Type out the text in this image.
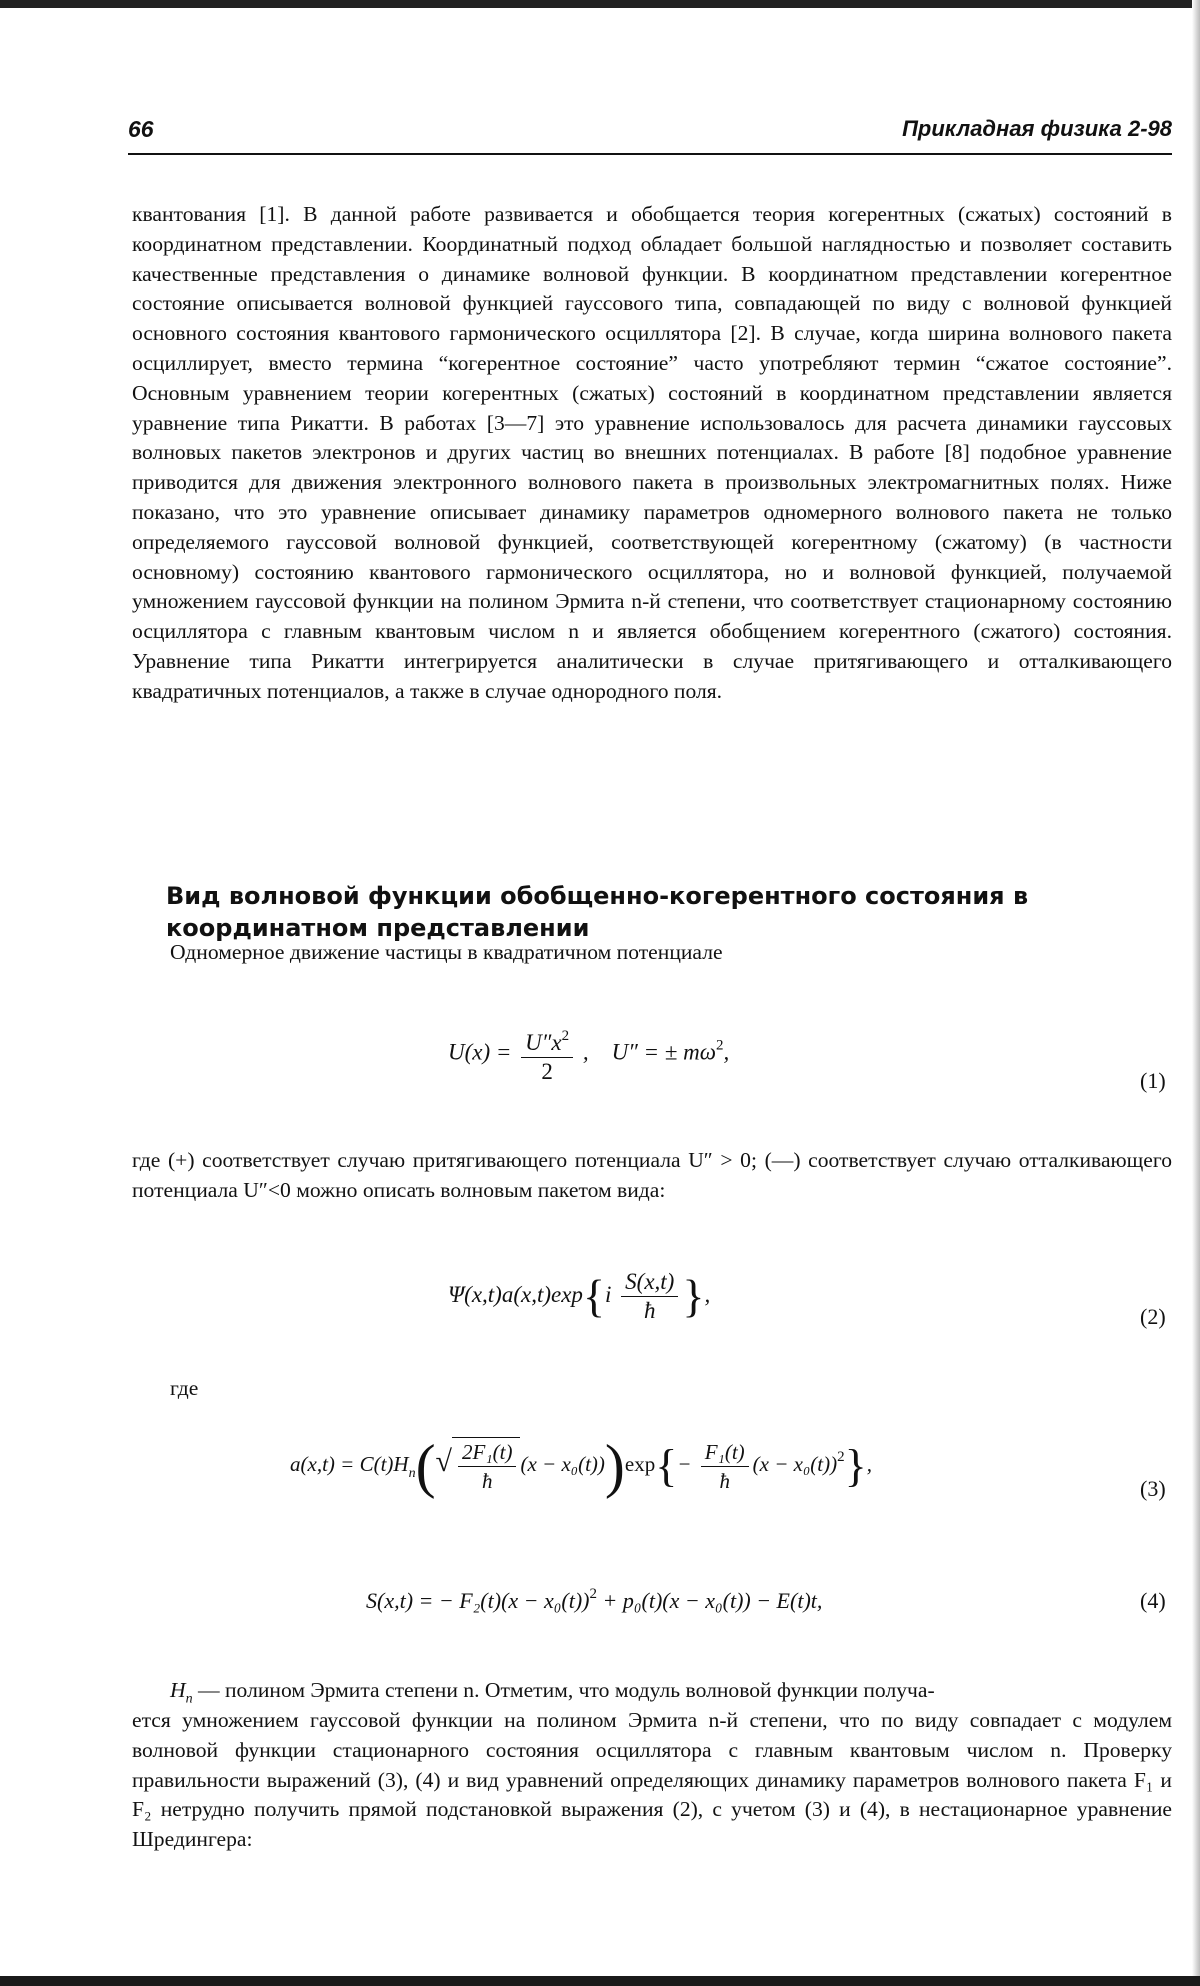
66	Прикладная физика 2-98

квантования [1]. В данной работе развивается и обобщается теория когерентных (сжатых) состояний в координатном представлении. Координатный подход обладает большой наглядностью и позволяет составить качественные представления о динамике волновой функции. В координатном представлении когерентное состояние описывается волновой функцией гауссового типа, совпадающей по виду с волновой функцией основного состояния квантового гармонического осциллятора [2]. В случае, когда ширина волнового пакета осциллирует, вместо термина “когерентное состояние” часто употребляют термин “сжатое состояние”. Основным уравнением теории когерентных (сжатых) состояний в координатном представлении является уравнение типа Рикатти. В работах [3—7] это уравнение использовалось для расчета динамики гауссовых волновых пакетов электронов и других частиц во внешних потенциалах. В работе [8] подобное уравнение приводится для движения электронного волнового пакета в произвольных электромагнитных полях. Ниже показано, что это уравнение описывает динамику параметров одномерного волнового пакета не только определяемого гауссовой волновой функцией, соответствующей когерентному (сжатому) (в частности основному) состоянию квантового гармонического осциллятора, но и волновой функцией, получаемой умножением гауссовой функции на полином Эрмита n-й степени, что соответствует стационарному состоянию осциллятора с главным квантовым числом n и является обобщением когерентного (сжатого) состояния. Уравнение типа Рикатти интегрируется аналитически в случае притягивающего и отталкивающего квадратичных потенциалов, а также в случае однородного поля.

Вид волновой функции обобщенно-когерентного состояния в координатном представлении

Одномерное движение частицы в квадратичном потенциале

$U(x) = \frac{U''x^2}{2}$ ,    U″ = ± $m\omega^2$,
(1)

где (+) соответствует случаю притягивающего потенциала U″ > 0; (—) соответствует случаю отталкивающего потенциала U″<0 можно описать волновым пакетом вида:

$\Psi(x,t)a(x,t)\exp\{i \frac{S(x,t)}{ħ}$ },
(2)

где

$a(x,t) = C(t)H_n(√ \frac{\text{2F₁(t)}}{ħ} (x - x_0(t)))\exp\{- \frac{\text{F₁(t)}}{ħ} (x - x_0(t))^2\}$,
(3)
S(x,t) = − $F_2(t)(x - x_0(t))^2 + p_0(t)(x - x_0(t)) - E(t)t$,	(4)

$H_n$ — полином Эрмита степени n. Отметим, что модуль волновой функции получа-

ется умножением гауссовой функции на полином Эрмита n-й степени, что по виду совпадает с модулем волновой функции стационарного состояния осциллятора с главным квантовым числом n. Проверку правильности выражений (3), (4) и вид уравнений определяющих динамику параметров волнового пакета F₁ и F₂ нетрудно получить прямой подстановкой выражения (2), с учетом (3) и (4), в нестационарное уравнение Шредингера:
